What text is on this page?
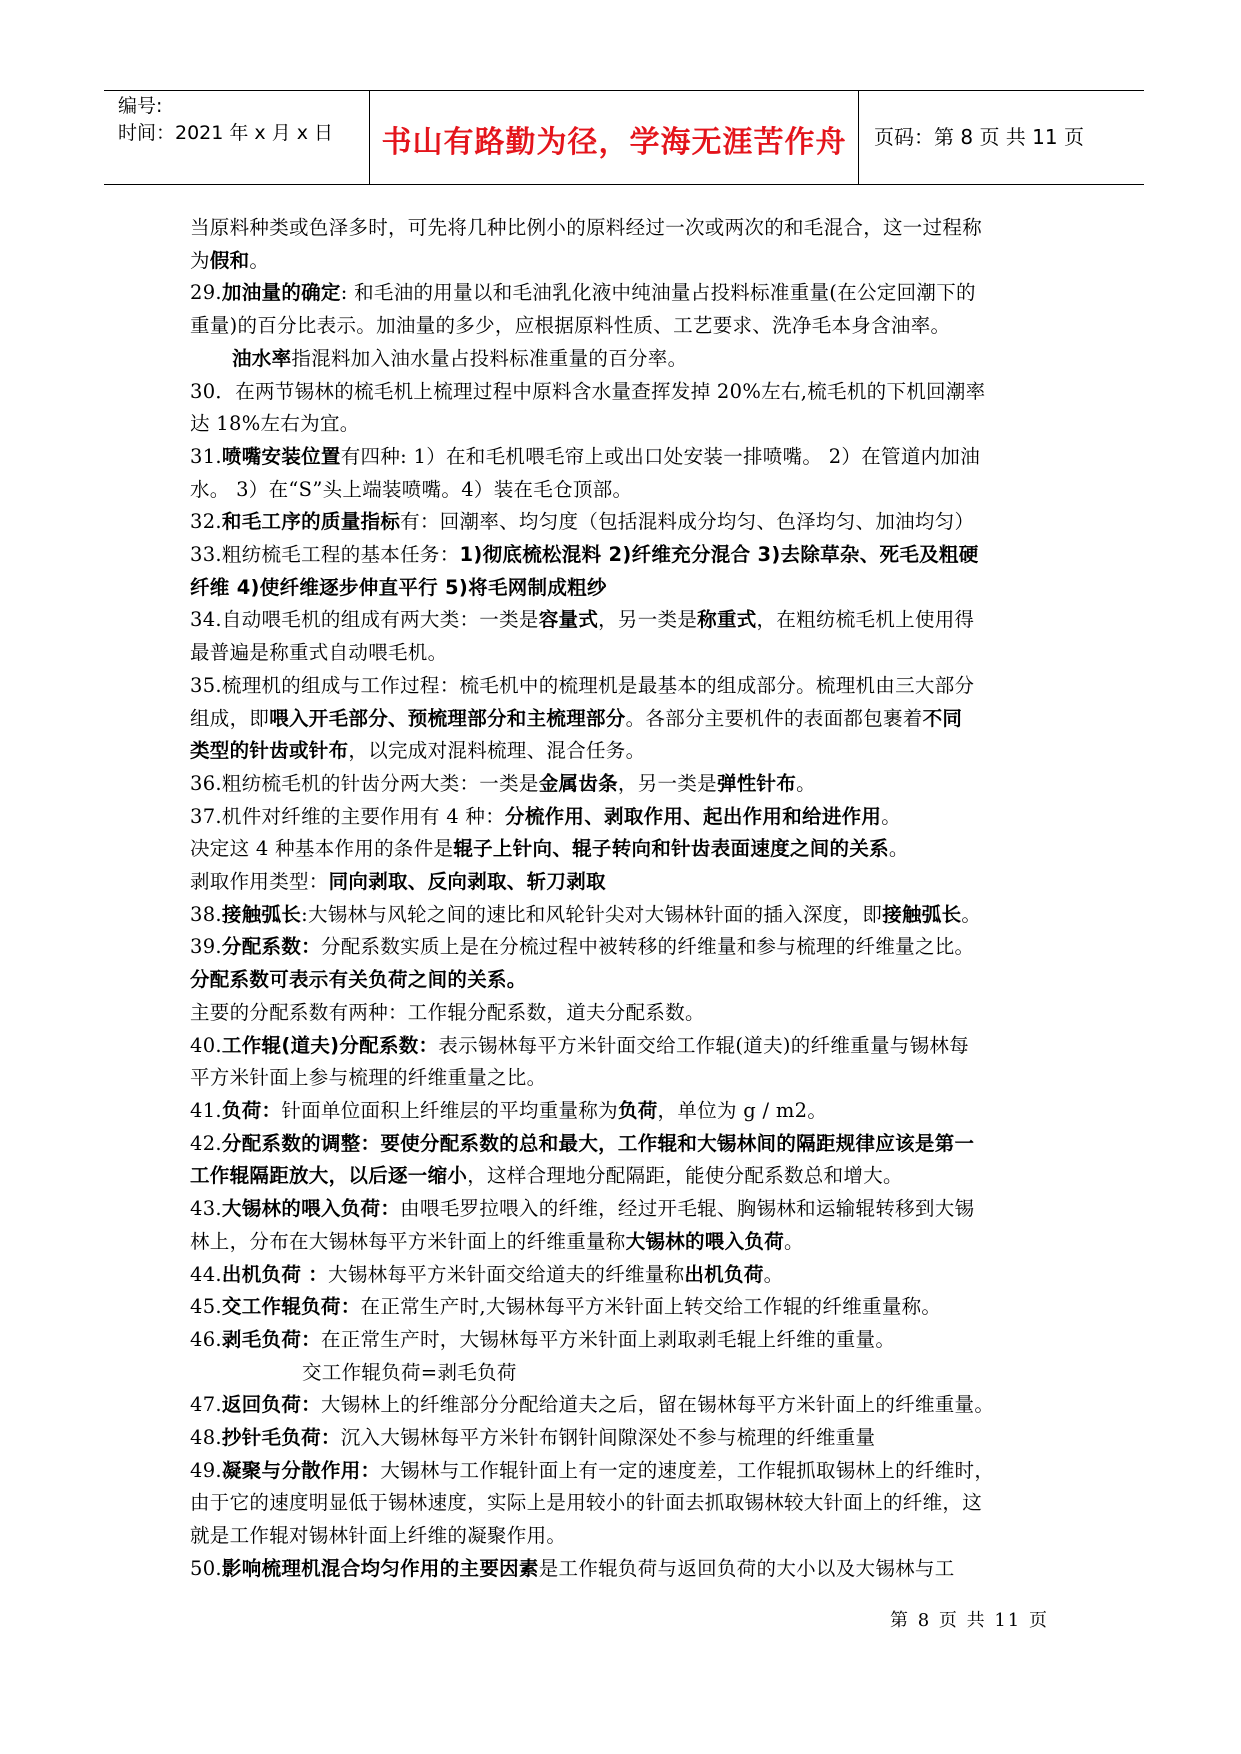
编号:
时间：2021 年 x 月 x 日 书山有路勤为径，学海无涯苦作舟	页码：第 8 页 共 11 页
当原料种类或色泽多时，可先将几种比例小的原料经过一次或两次的和毛混合，这一过程称
为假和。
29.加油量的确定: 和毛油的用量以和毛油乳化液中纯油量占投料标准重量(在公定回潮下的
重量)的百分比表示。加油量的多少，应根据原料性质、工艺要求、洗净毛本身含油率。
油水率指混料加入油水量占投料标准重量的百分率。
30．在两节锡林的梳毛机上梳理过程中原料含水量查挥发掉 20%左右,梳毛机的下机回潮率
达 18%左右为宜。
31.喷嘴安装位置有四种: 1）在和毛机喂毛帘上或出口处安装一排喷嘴。 2）在管道内加油
水。 3）在“S”头上端装喷嘴。4）装在毛仓顶部。
32.和毛工序的质量指标有：回潮率、均匀度（包括混料成分均匀、色泽均匀、加油均匀）
33.粗纺梳毛工程的基本任务：1)彻底梳松混料 2)纤维充分混合 3)去除草杂、死毛及粗硬
纤维 4)使纤维逐步伸直平行 5)将毛网制成粗纱
34.自动喂毛机的组成有两大类：一类是容量式，另一类是称重式，在粗纺梳毛机上使用得
最普遍是称重式自动喂毛机。
35.梳理机的组成与工作过程：梳毛机中的梳理机是最基本的组成部分。梳理机由三大部分
组成，即喂入开毛部分、预梳理部分和主梳理部分。各部分主要机件的表面都包裹着不同
类型的针齿或针布，以完成对混料梳理、混合任务。
36.粗纺梳毛机的针齿分两大类：一类是金属齿条，另一类是弹性针布。
37.机件对纤维的主要作用有 4 种：分梳作用、剥取作用、起出作用和给进作用。
决定这 4 种基本作用的条件是辊子上针向、辊子转向和针齿表面速度之间的关系。
剥取作用类型：同向剥取、反向剥取、斩刀剥取
38.接触弧长:大锡林与风轮之间的速比和风轮针尖对大锡林针面的插入深度，即接触弧长。
39.分配系数：分配系数实质上是在分梳过程中被转移的纤维量和参与梳理的纤维量之比。
分配系数可表示有关负荷之间的关系。
主要的分配系数有两种：工作辊分配系数，道夫分配系数。
40.工作辊(道夫)分配系数：表示锡林每平方米针面交给工作辊(道夫)的纤维重量与锡林每
平方米针面上参与梳理的纤维重量之比。
41.负荷：针面单位面积上纤维层的平均重量称为负荷，单位为 g / m2。
42.分配系数的调整：要使分配系数的总和最大，工作辊和大锡林间的隔距规律应该是第一
工作辊隔距放大，以后逐一缩小，这样合理地分配隔距，能使分配系数总和增大。
43.大锡林的喂入负荷：由喂毛罗拉喂入的纤维，经过开毛辊、胸锡林和运输辊转移到大锡
林上，分布在大锡林每平方米针面上的纤维重量称大锡林的喂入负荷。
44.出机负荷 ：大锡林每平方米针面交给道夫的纤维量称出机负荷。
45.交工作辊负荷：在正常生产时,大锡林每平方米针面上转交给工作辊的纤维重量称。
46.剥毛负荷：在正常生产时，大锡林每平方米针面上剥取剥毛辊上纤维的重量。
交工作辊负荷=剥毛负荷
47.返回负荷：大锡林上的纤维部分分配给道夫之后，留在锡林每平方米针面上的纤维重量。
48.抄针毛负荷：沉入大锡林每平方米针布钢针间隙深处不参与梳理的纤维重量
49.凝聚与分散作用：大锡林与工作辊针面上有一定的速度差，工作辊抓取锡林上的纤维时，
由于它的速度明显低于锡林速度，实际上是用较小的针面去抓取锡林较大针面上的纤维，这
就是工作辊对锡林针面上纤维的凝聚作用。
50.影响梳理机混合均匀作用的主要因素是工作辊负荷与返回负荷的大小以及大锡林与工
第 8 页 共 11 页
